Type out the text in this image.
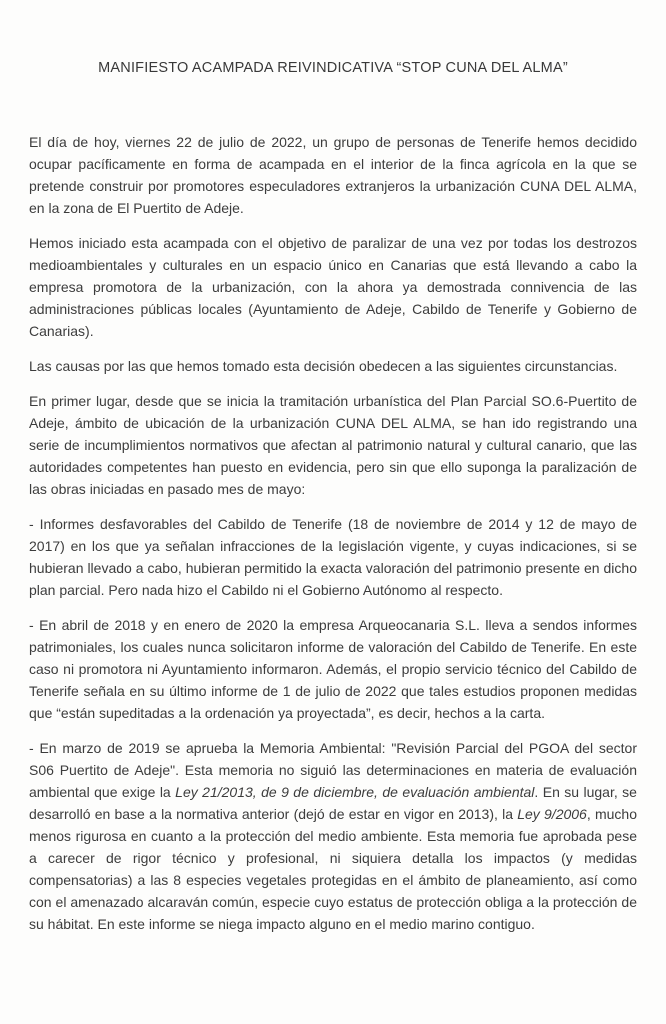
MANIFIESTO ACAMPADA REIVINDICATIVA “STOP CUNA DEL ALMA”

El día de hoy, viernes 22 de julio de 2022, un grupo de personas de Tenerife hemos decidido ocupar pacíficamente en forma de acampada en el interior de la finca agrícola en la que se pretende construir por promotores especuladores extranjeros la urbanización CUNA DEL ALMA, en la zona de El Puertito de Adeje.

Hemos iniciado esta acampada con el objetivo de paralizar de una vez por todas los destrozos medioambientales y culturales en un espacio único en Canarias que está llevando a cabo la empresa promotora de la urbanización, con la ahora ya demostrada connivencia de las administraciones públicas locales (Ayuntamiento de Adeje, Cabildo de Tenerife y Gobierno de Canarias).

Las causas por las que hemos tomado esta decisión obedecen a las siguientes circunstancias.

En primer lugar, desde que se inicia la tramitación urbanística del Plan Parcial SO.6-Puertito de Adeje, ámbito de ubicación de la urbanización CUNA DEL ALMA, se han ido registrando una serie de incumplimientos normativos que afectan al patrimonio natural y cultural canario, que las autoridades competentes han puesto en evidencia, pero sin que ello suponga la paralización de las obras iniciadas en pasado mes de mayo:

- Informes desfavorables del Cabildo de Tenerife (18 de noviembre de 2014 y 12 de mayo de 2017) en los que ya señalan infracciones de la legislación vigente, y cuyas indicaciones, si se hubieran llevado a cabo, hubieran permitido la exacta valoración del patrimonio presente en dicho plan parcial. Pero nada hizo el Cabildo ni el Gobierno Autónomo al respecto.

- En abril de 2018 y en enero de 2020 la empresa Arqueocanaria S.L. lleva a sendos informes patrimoniales, los cuales nunca solicitaron informe de valoración del Cabildo de Tenerife. En este caso ni promotora ni Ayuntamiento informaron. Además, el propio servicio técnico del Cabildo de Tenerife señala en su último informe de 1 de julio de 2022 que tales estudios proponen medidas que “están supeditadas a la ordenación ya proyectada”, es decir, hechos a la carta.

- En marzo de 2019 se aprueba la Memoria Ambiental: "Revisión Parcial del PGOA del sector S06 Puertito de Adeje". Esta memoria no siguió las determinaciones en materia de evaluación ambiental que exige la Ley 21/2013, de 9 de diciembre, de evaluación ambiental. En su lugar, se desarrolló en base a la normativa anterior (dejó de estar en vigor en 2013), la Ley 9/2006, mucho menos rigurosa en cuanto a la protección del medio ambiente. Esta memoria fue aprobada pese a carecer de rigor técnico y profesional, ni siquiera detalla los impactos (y medidas compensatorias) a las 8 especies vegetales protegidas en el ámbito de planeamiento, así como con el amenazado alcaraván común, especie cuyo estatus de protección obliga a la protección de su hábitat. En este informe se niega impacto alguno en el medio marino contiguo.
